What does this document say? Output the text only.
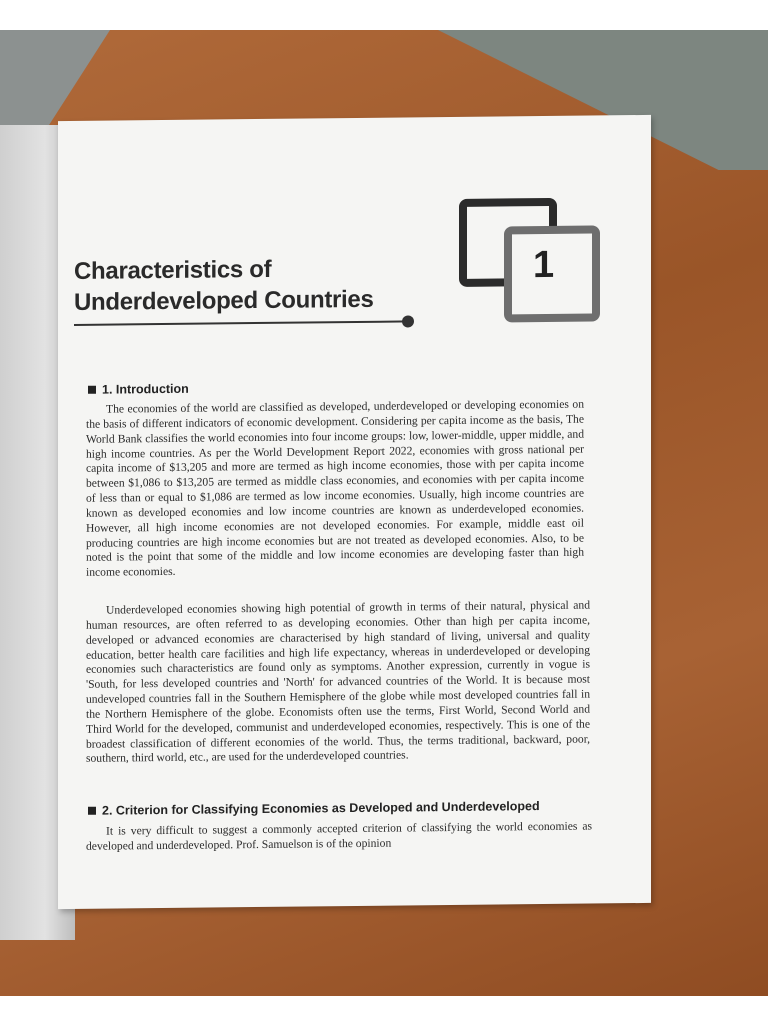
1
Characteristics of
Underdeveloped Countries
1. Introduction

The economies of the world are classified as developed, underdeveloped or developing economies on the basis of different indicators of economic development. Considering per capita income as the basis, The World Bank classifies the world economies into four income groups: low, lower-middle, upper middle, and high income countries. As per the World Development Report 2022, economies with gross national per capita income of $13,205 and more are termed as high income economies, those with per capita income between $1,086 to $13,205 are termed as middle class economies, and economies with per capita income of less than or equal to $1,086 are termed as low income economies. Usually, high income countries are known as developed economies and low income countries are known as underdeveloped economies. However, all high income economies are not developed economies. For example, middle east oil producing countries are high income economies but are not treated as developed economies. Also, to be noted is the point that some of the middle and low income economies are developing faster than high income economies.

Underdeveloped economies showing high potential of growth in terms of their natural, physical and human resources, are often referred to as developing economies. Other than high per capita income, developed or advanced economies are characterised by high standard of living, universal and quality education, better health care facilities and high life expectancy, whereas in underdeveloped or developing economies such characteristics are found only as symptoms. Another expression, currently in vogue is 'South, for less developed countries and 'North' for advanced countries of the World. It is because most undeveloped countries fall in the Southern Hemisphere of the globe while most developed countries fall in the Northern Hemisphere of the globe. Economists often use the terms, First World, Second World and Third World for the developed, communist and underdeveloped economies, respectively. This is one of the broadest classification of different economies of the world. Thus, the terms traditional, backward, poor, southern, third world, etc., are used for the underdeveloped countries.

2. Criterion for Classifying Economies as Developed and Underdeveloped

It is very difficult to suggest a commonly accepted criterion of classifying the world economies as developed and underdeveloped. Prof. Samuelson is of the opinion
